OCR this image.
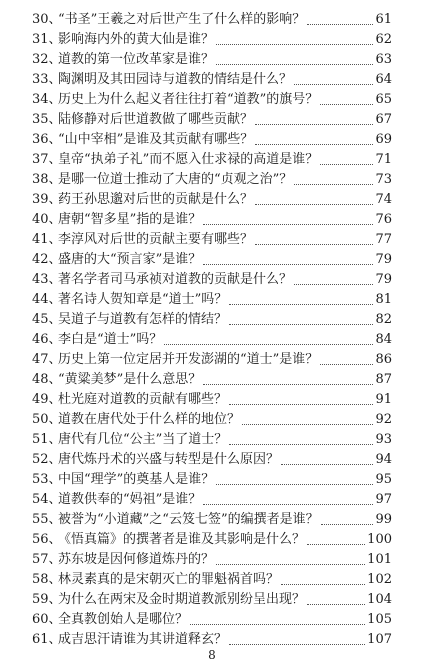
30、
“书圣”王羲之对后世产生了什么样的影响？	61
31、
影响海内外的黄大仙是谁？	62
32、
道教的第一位改革家是谁？	63
33、
陶渊明及其田园诗与道教的情结是什么？	64
34、
历史上为什么起义者往往打着“道教”的旗号？	65
35、
陆修静对后世道教做了哪些贡献？	67
36、
“山中宰相”是谁及其贡献有哪些？	69
37、
皇帝“执弟子礼”而不愿入仕求禄的高道是谁？	71
38、
是哪一位道士推动了大唐的“贞观之治”？	73
39、
药王孙思邈对后世的贡献是什么？	74
40、
唐朝“智多星”指的是谁？	76
41、
李淳风对后世的贡献主要有哪些？	77
42、
盛唐的大“预言家”是谁？	79
43、
著名学者司马承祯对道教的贡献是什么？	79
44、
著名诗人贺知章是“道士”吗？	81
45、
吴道子与道教有怎样的情结？	82
46、
李白是“道士”吗？	84
47、
历史上第一位定居并开发澎湖的“道士”是谁？	86
48、
“黄粱美梦”是什么意思？	87
49、
杜光庭对道教的贡献有哪些？	91
50、
道教在唐代处于什么样的地位？	92
51、
唐代有几位“公主”当了道士？	93
52、
唐代炼丹术的兴盛与转型是什么原因？	94
53、
中国“理学”的奠基人是谁？	95
54、
道教供奉的“妈祖”是谁？	97
55、
被誉为“小道藏”之“云笈七签”的编撰者是谁？	99
56、
《悟真篇》的撰著者是谁及其影响是什么？	100
57、
苏东坡是因何修道炼丹的？	101
58、
林灵素真的是宋朝灭亡的罪魁祸首吗？	102
59、
为什么在两宋及金时期道教派别纷呈出现？	104
60、
全真教创始人是哪位？	105
61、
成吉思汗请谁为其讲道释玄？	107
8
